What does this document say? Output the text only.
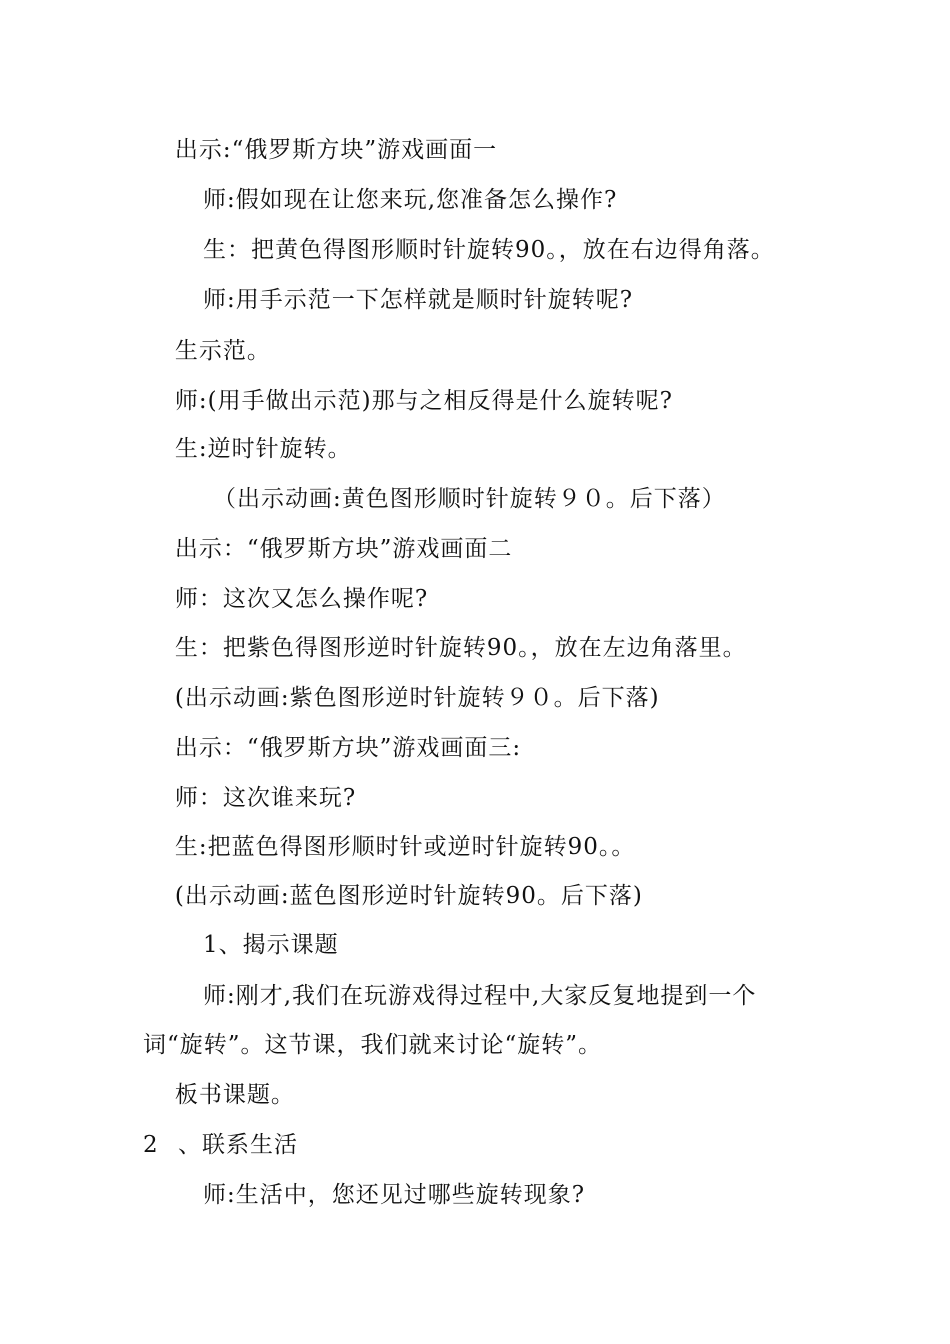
 出示:“俄罗斯方块”游戏画面一
师:假如现在让您来玩,您准备怎么操作?
生：把黄色得图形顺时针旋转90。，放在右边得角落。
师:用手示范一下怎样就是顺时针旋转呢?
 生示范。
 师:(用手做出示范)那与之相反得是什么旋转呢?
 生:逆时针旋转。
（出示动画:黄色图形顺时针旋转９０。后下落）
 出示：“俄罗斯方块”游戏画面二
 师：这次又怎么操作呢?
 生：把紫色得图形逆时针旋转90。，放在左边角落里。
 (出示动画:紫色图形逆时针旋转９０。后下落)
 出示：“俄罗斯方块”游戏画面三:
 师：这次谁来玩?
 生:把蓝色得图形顺时针或逆时针旋转90。。
 (出示动画:蓝色图形逆时针旋转90。后下落)
1、揭示课题
师:刚才,我们在玩游戏得过程中,大家反复地提到一个
词“旋转”。这节课，我们就来讨论“旋转”。
 板书课题。
2、联系生活
师:生活中，您还见过哪些旋转现象?
